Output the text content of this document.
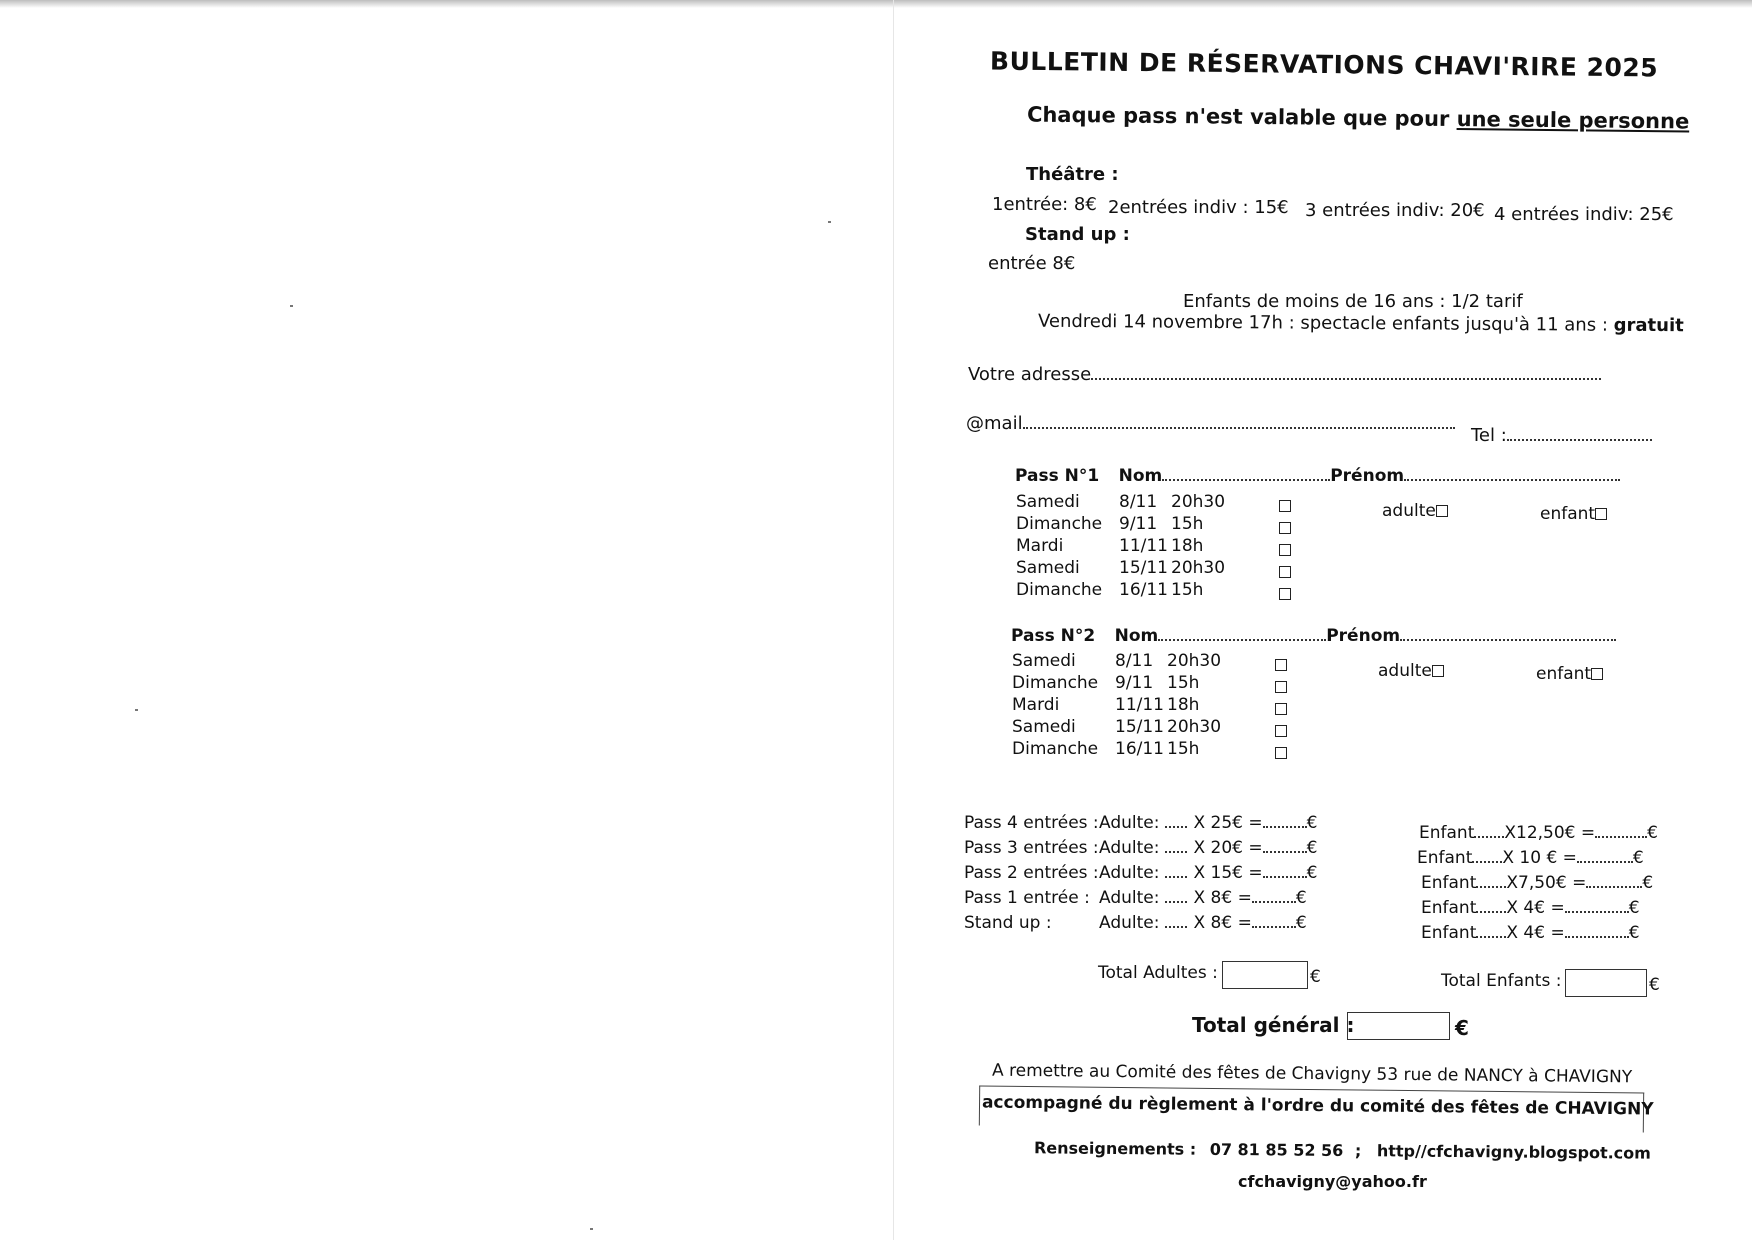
BULLETIN DE RÉSERVATIONS CHAVI'RIRE 2025
Chaque pass n'est valable que pour une seule personne
Théâtre :
1entrée: 8€ 2entrées indiv : 15€ 3 entrées indiv: 20€ 4 entrées indiv: 25€
Stand up :
entrée 8€
Enfants de moins de 16 ans : 1/2 tarif
Vendredi 14 novembre 17h : spectacle enfants jusqu'à 11 ans : gratuit
Votre adresse
@mail
Tel :
Pass N°1 Nom	Prénom
Samedi 8/11 20h30
Dimanche 9/11 15h
Mardi	11/11 18h
Samedi 15/11 20h30
Dimanche 16/11 15h
adulte	enfant
Pass N°2 Nom	Prénom
Samedi 8/11 20h30
Dimanche 9/11 15h
Mardi	11/11 18h
Samedi 15/11 20h30
Dimanche 16/11 15h
adulte	enfant
Pass 4 entrées :Adulte: X 25€ =	€
Pass 3 entrées :Adulte: X 20€ =	€
Pass 2 entrées :Adulte: X 15€ =	€
Pass 1 entrée : Adulte: X 8€ =	€
Stand up :	Adulte: X 8€ =	€
Enfant X12,50€ =	€
Enfant X 10 € =	€
Enfant X7,50€ =	€
Enfant X 4€ =	€
Enfant X 4€ =	€
Total Adultes :	€	Total Enfants :	€
Total général :	€
A remettre au Comité des fêtes de Chavigny 53 rue de NANCY à CHAVIGNY
accompagné du règlement à l'ordre du comité des fêtes de CHAVIGNY
Renseignements : 07 81 85 52 56 ; http//cfchavigny.blogspot.com
cfchavigny@yahoo.fr
